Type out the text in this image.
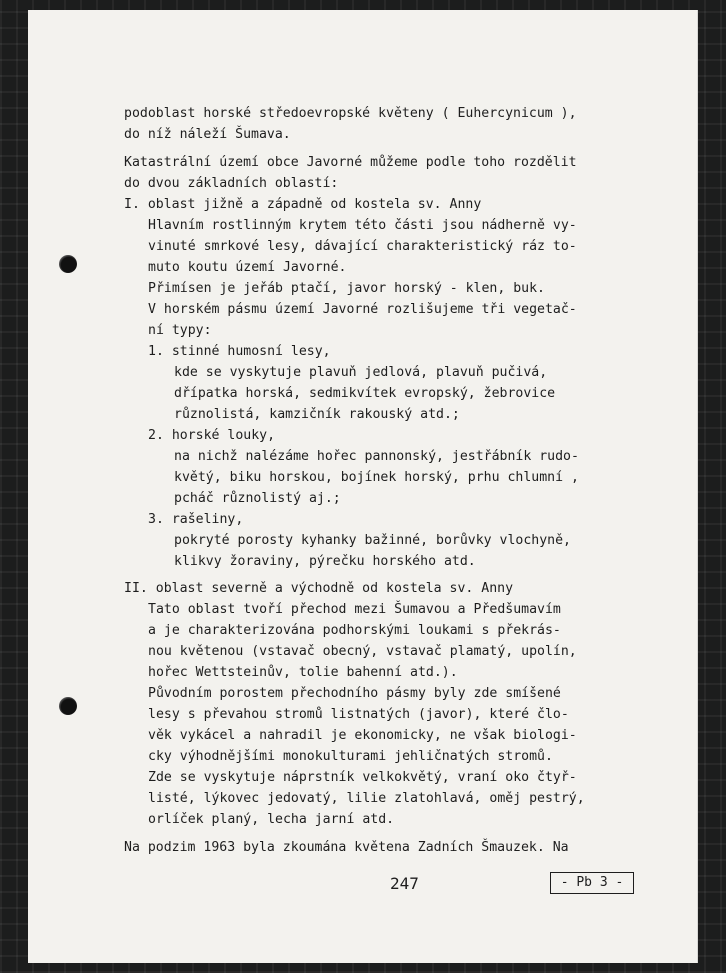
podoblast horské středoevropské květeny ( Euhercynicum ),

do níž náleží Šumava.

Katastrální území obce Javorné můžeme podle toho rozdělit

do dvou základních oblastí:

I. oblast jižně a západně od kostela sv. Anny

Hlavním rostlinným krytem této části jsou nádherně vy-

vinuté smrkové lesy, dávající charakteristický ráz to-

muto koutu území Javorné.

Přimísen je jeřáb ptačí, javor horský - klen, buk.

V horském pásmu území Javorné rozlišujeme tři vegetač-

ní typy:

1. stinné humosní lesy,

kde se vyskytuje plavuň jedlová, plavuň pučivá,

dřípatka horská, sedmikvítek evropský, žebrovice

různolistá, kamzičník rakouský atd.;

2. horské louky,

na nichž nalézáme hořec pannonský, jestřábník rudo-

květý, biku horskou, bojínek horský, prhu chlumní ,

pcháč různolistý aj.;

3. rašeliny,

pokryté porosty kyhanky bažinné, borůvky vlochyně,

klikvy žoraviny, pýrečku horského atd.

II. oblast severně a východně od kostela sv. Anny

Tato oblast tvoří přechod mezi Šumavou a Předšumavím

a je charakterizována podhorskými loukami s překrás-

nou květenou (vstavač obecný, vstavač plamatý, upolín,

hořec Wettsteinův, tolie bahenní atd.).

Původním porostem přechodního pásmy byly zde smíšené

lesy s převahou stromů listnatých (javor), které člo-

věk vykácel a nahradil je ekonomicky, ne však biologi-

cky výhodnějšími monokulturami jehličnatých stromů.

Zde se vyskytuje náprstník velkokvětý, vraní oko čtyř-

listé, lýkovec jedovatý, lilie zlatohlavá, oměj pestrý,

orlíček planý, lecha jarní atd.

Na podzim 1963 byla zkoumána květena Zadních Šmauzek. Na

247	- Pb 3 -
